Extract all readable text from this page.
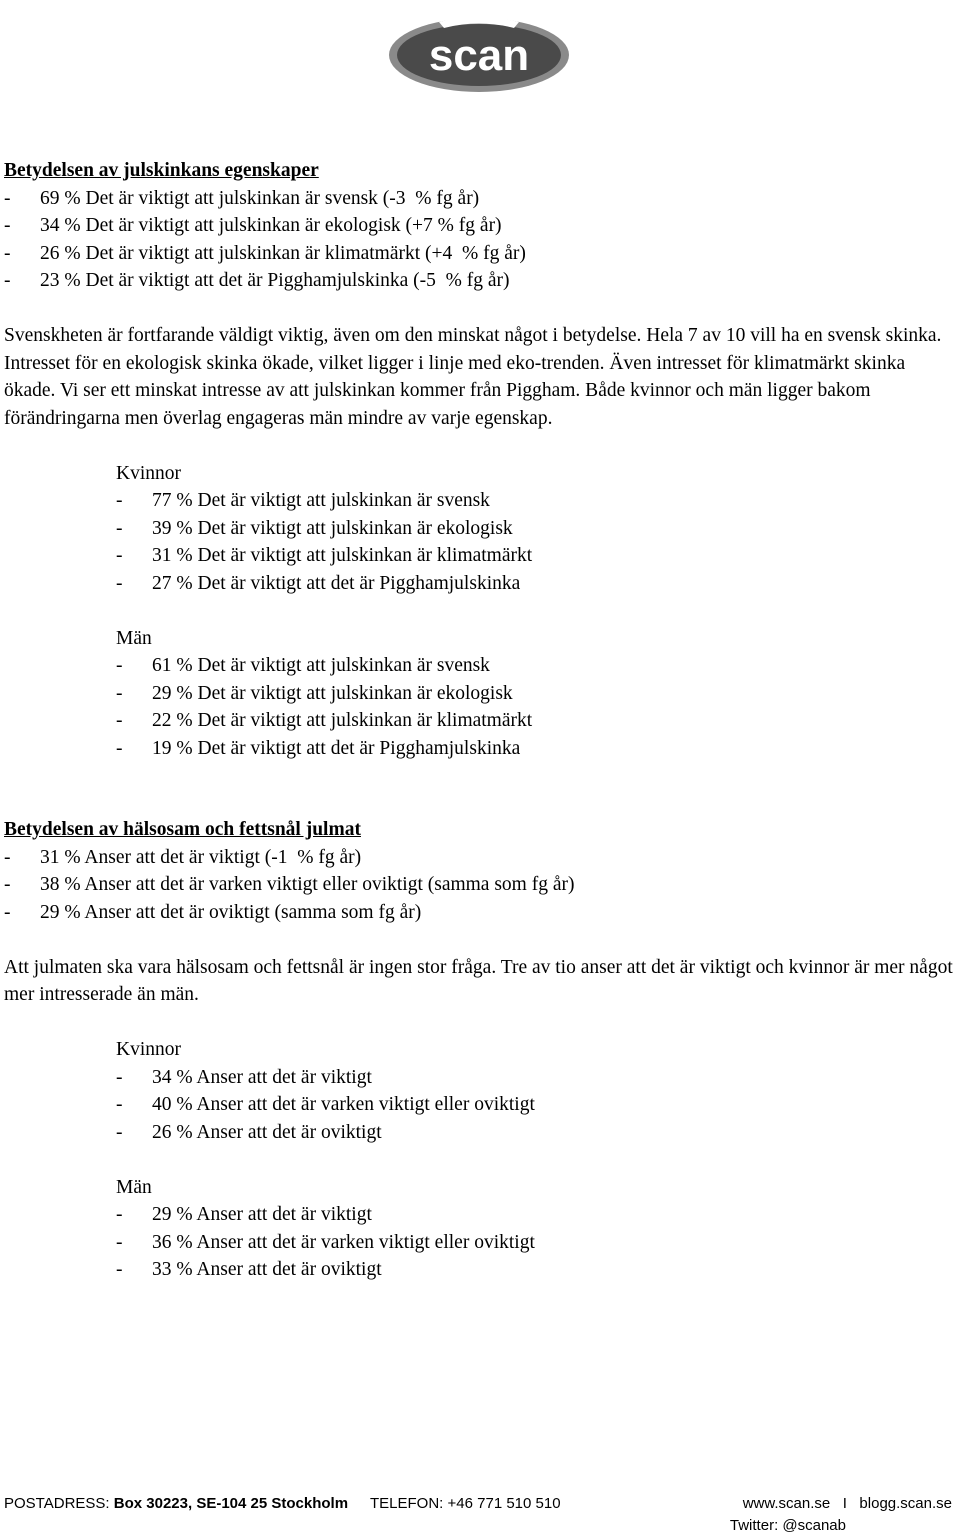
scan
Betydelsen av julskinkans egenskaper
- 69 % Det är viktigt att julskinkan är svensk (-3  % fg år)
- 34 % Det är viktigt att julskinkan är ekologisk (+7 % fg år)
- 26 % Det är viktigt att julskinkan är klimatmärkt (+4  % fg år)
- 23 % Det är viktigt att det är Pigghamjulskinka (-5  % fg år)
Svenskheten är fortfarande väldigt viktig, även om den minskat något i betydelse. Hela 7 av 10 vill ha en svensk skinka. Intresset för en ekologisk skinka ökade, vilket ligger i linje med eko-trenden. Även intresset för klimatmärkt skinka ökade. Vi ser ett minskat intresse av att julskinkan kommer från Piggham. Både kvinnor och män ligger bakom förändringarna men överlag engageras män mindre av varje egenskap.
Kvinnor
- 77 % Det är viktigt att julskinkan är svensk
- 39 % Det är viktigt att julskinkan är ekologisk
- 31 % Det är viktigt att julskinkan är klimatmärkt
- 27 % Det är viktigt att det är Pigghamjulskinka
Män
- 61 % Det är viktigt att julskinkan är svensk
- 29 % Det är viktigt att julskinkan är ekologisk
- 22 % Det är viktigt att julskinkan är klimatmärkt
- 19 % Det är viktigt att det är Pigghamjulskinka
Betydelsen av hälsosam och fettsnål julmat
- 31 % Anser att det är viktigt (-1  % fg år)
- 38 % Anser att det är varken viktigt eller oviktigt (samma som fg år)
- 29 % Anser att det är oviktigt (samma som fg år)
Att julmaten ska vara hälsosam och fettsnål är ingen stor fråga. Tre av tio anser att det är viktigt och kvinnor är mer något mer intresserade än män.
Kvinnor
- 34 % Anser att det är viktigt
- 40 % Anser att det är varken viktigt eller oviktigt
- 26 % Anser att det är oviktigt
Män
- 29 % Anser att det är viktigt
- 36 % Anser att det är varken viktigt eller oviktigt
- 33 % Anser att det är oviktigt
POSTADRESS: Box 30223, SE-104 25 Stockholm TELEFON: +46 771 510 510	www.scan.se   I   blogg.scan.se
Twitter: @scanab
